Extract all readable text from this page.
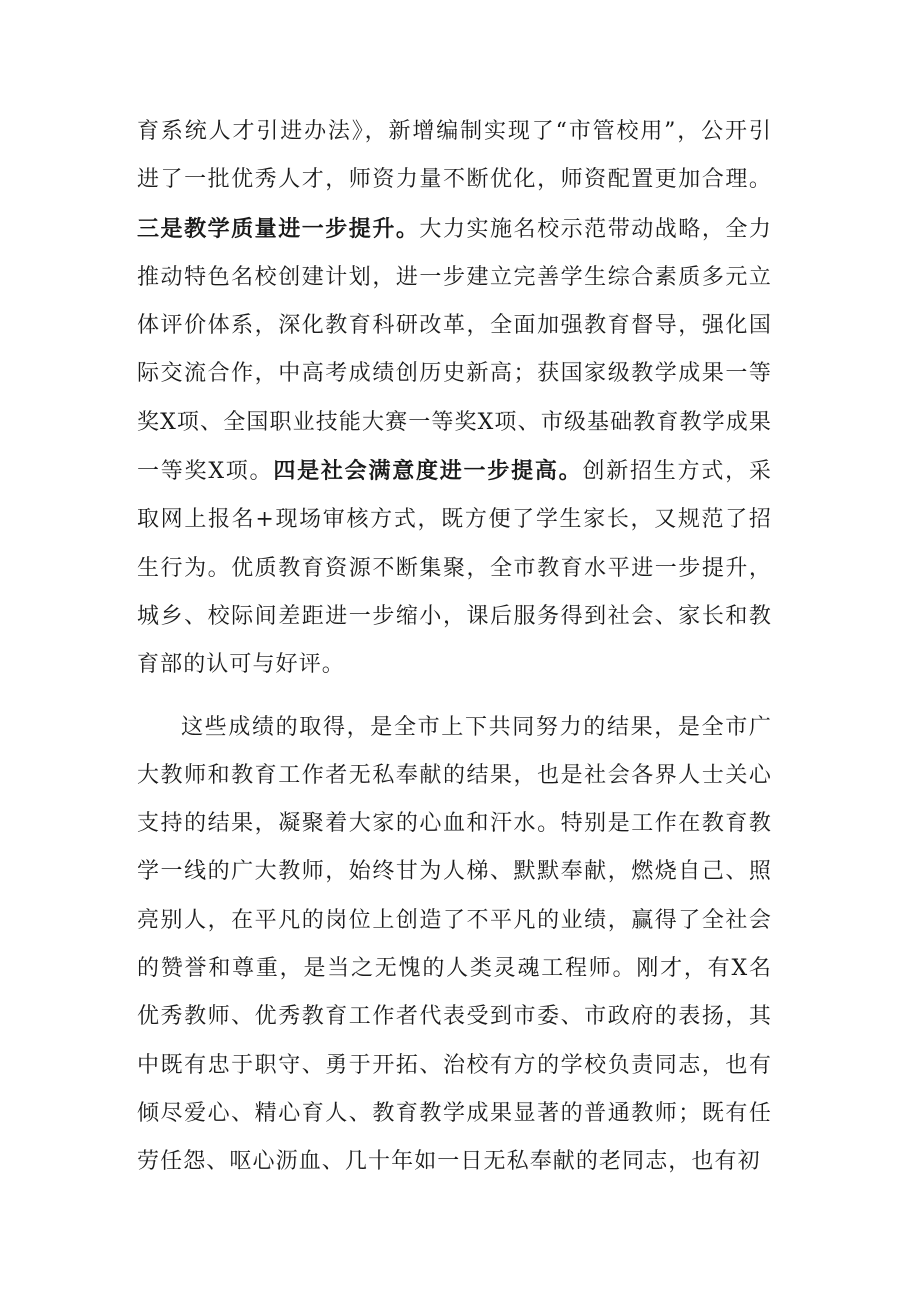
育系统人才引进办法》，新增编制实现了“市管校用”，公开引进了一批优秀人才，师资力量不断优化，师资配置更加合理。三是教学质量进一步提升。大力实施名校示范带动战略，全力推动特色名校创建计划，进一步建立完善学生综合素质多元立体评价体系，深化教育科研改革，全面加强教育督导，强化国际交流合作，中高考成绩创历史新高；获国家级教学成果一等奖X项、全国职业技能大赛一等奖X项、市级基础教育教学成果一等奖X项。四是社会满意度进一步提高。创新招生方式，采取网上报名+现场审核方式，既方便了学生家长，又规范了招生行为。优质教育资源不断集聚，全市教育水平进一步提升，城乡、校际间差距进一步缩小，课后服务得到社会、家长和教育部的认可与好评。

这些成绩的取得，是全市上下共同努力的结果，是全市广大教师和教育工作者无私奉献的结果，也是社会各界人士关心支持的结果，凝聚着大家的心血和汗水。特别是工作在教育教学一线的广大教师，始终甘为人梯、默默奉献，燃烧自己、照亮别人，在平凡的岗位上创造了不平凡的业绩，赢得了全社会的赞誉和尊重，是当之无愧的人类灵魂工程师。刚才，有X名优秀教师、优秀教育工作者代表受到市委、市政府的表扬，其中既有忠于职守、勇于开拓、治校有方的学校负责同志，也有倾尽爱心、精心育人、教育教学成果显著的普通教师；既有任劳任怨、呕心沥血、几十年如一日无私奉献的老同志，也有初
